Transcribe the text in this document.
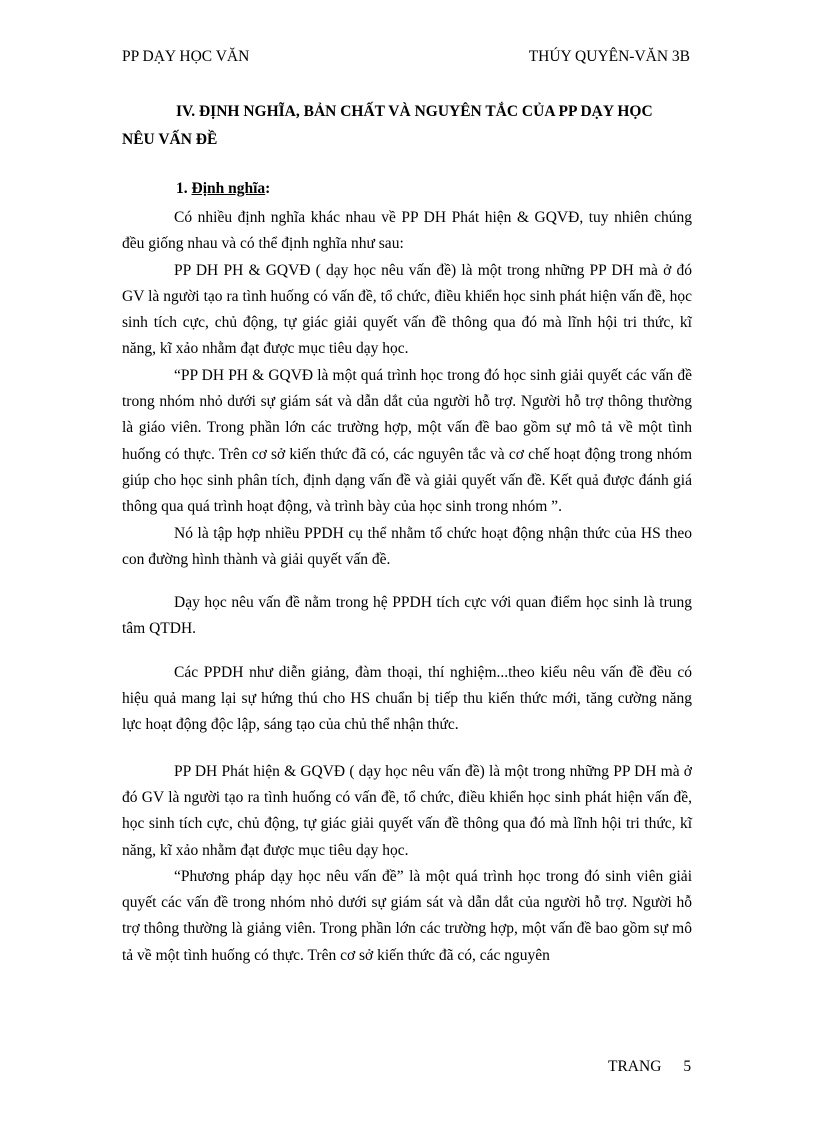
PP DẠY HỌC VĂN	THÚY QUYÊN-VĂN 3B
IV. ĐỊNH NGHĨA, BẢN CHẤT VÀ NGUYÊN TẮC CỦA PP DẠY HỌC
NÊU VẤN ĐỀ
1. Định nghĩa:

Có nhiều định nghĩa khác nhau về PP DH Phát hiện & GQVĐ, tuy nhiên chúng đều giống nhau và có thể định nghĩa như sau:

PP DH PH & GQVĐ ( dạy học nêu vấn đề) là một trong những PP DH mà ở đó GV là người tạo ra tình huống có vấn đề, tổ chức, điều khiển học sinh phát hiện vấn đề, học sinh tích cực, chủ động, tự giác giải quyết vấn đề thông qua đó mà lĩnh hội tri thức, kĩ năng, kĩ xảo nhằm đạt được mục tiêu dạy học.

“PP DH PH & GQVĐ là một quá trình học trong đó học sinh giải quyết các vấn đề trong nhóm nhỏ dưới sự giám sát và dẫn dắt của người hỗ trợ. Người hỗ trợ thông thường là giáo viên. Trong phần lớn các trường hợp, một vấn đề bao gồm sự mô tả về một tình huống có thực. Trên cơ sở kiến thức đã có, các nguyên tắc và cơ chế hoạt động trong nhóm giúp cho học sinh phân tích, định dạng vấn đề và giải quyết vấn đề. Kết quả được đánh giá thông qua quá trình hoạt động, và trình bày của học sinh trong nhóm ”.

Nó là tập hợp nhiều PPDH cụ thể nhằm tổ chức hoạt động nhận thức của HS theo con đường hình thành và giải quyết vấn đề.

Dạy học nêu vấn đề nằm trong hệ PPDH tích cực với quan điểm học sinh là trung tâm QTDH.

Các PPDH như diễn giảng, đàm thoại, thí nghiệm...theo kiểu nêu vấn đề đều có hiệu quả mang lại sự hứng thú cho HS chuẩn bị tiếp thu kiến thức mới, tăng cường năng lực hoạt động độc lập, sáng tạo của chủ thể nhận thức.

PP DH Phát hiện & GQVĐ ( dạy học nêu vấn đề) là một trong những PP DH mà ở đó GV là người tạo ra tình huống có vấn đề, tổ chức, điều khiển học sinh phát hiện vấn đề, học sinh tích cực, chủ động, tự giác giải quyết vấn đề thông qua đó mà lĩnh hội tri thức, kĩ năng, kĩ xảo nhằm đạt được mục tiêu dạy học.

“Phương pháp dạy học nêu vấn đề” là một quá trình học trong đó sinh viên giải quyết các vấn đề trong nhóm nhỏ dưới sự giám sát và dẫn dắt của người hỗ trợ. Người hỗ trợ thông thường là giảng viên. Trong phần lớn các trường hợp, một vấn đề bao gồm sự mô tả về một tình huống có thực. Trên cơ sở kiến thức đã có, các nguyên

TRANG 5
